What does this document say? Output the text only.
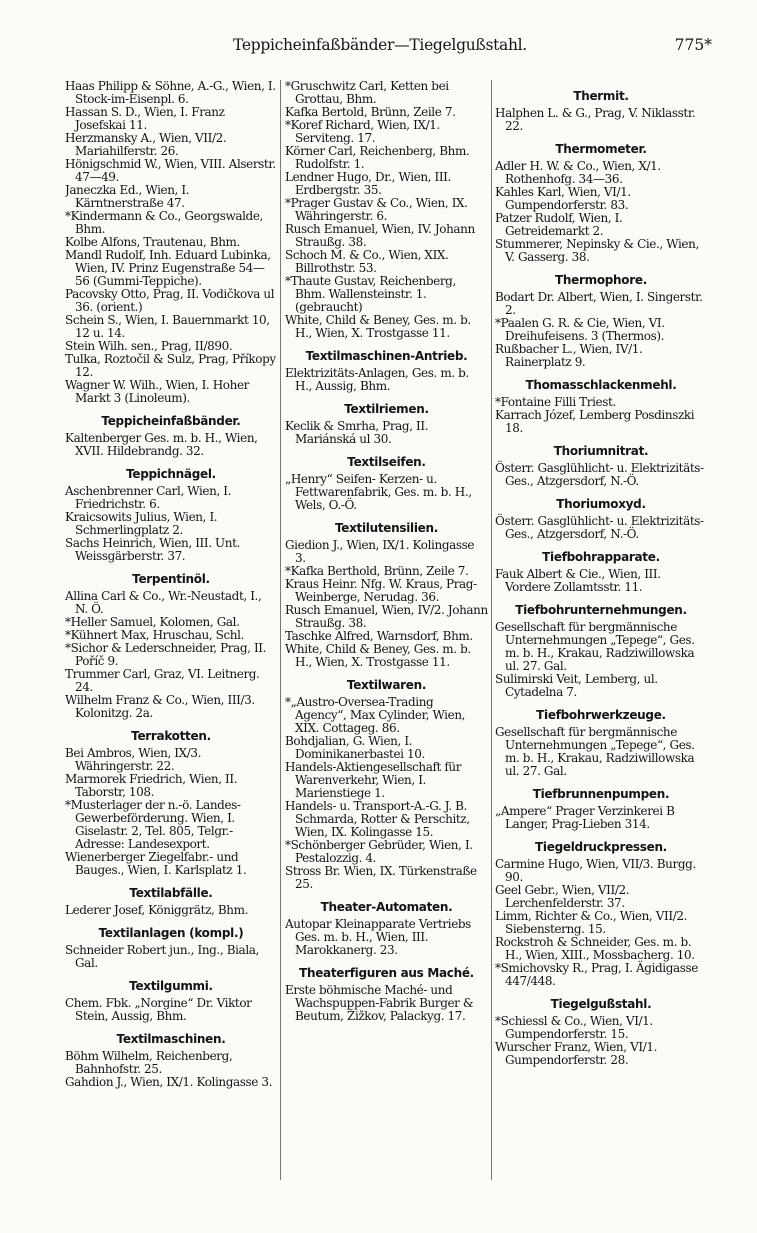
Teppicheinfaßbänder—Tiegelgußstahl.	775*

Haas Philipp & Söhne, A.-G., Wien, I. Stock-im-Eisenpl. 6.

Hassan S. D., Wien, I. Franz Josefskai 11.

Herzmansky A., Wien, VII/2. Mariahilferstr. 26.

Hönigschmid W., Wien, VIII. Alserstr. 47—49.

Janeczka Ed., Wien, I. Kärntnerstraße 47.

*Kindermann & Co., Georgswalde, Bhm.

Kolbe Alfons, Trautenau, Bhm.

Mandl Rudolf, Inh. Eduard Lubinka, Wien, IV. Prinz Eugenstraße 54—56 (Gummi-Teppiche).

Pacovsky Otto, Prag, II. Vodičkova ul 36. (orient.)

Schein S., Wien, I. Bauernmarkt 10, 12 u. 14.

Stein Wilh. sen., Prag, II/890.

Tulka, Roztočil & Sulz, Prag, Příkopy 12.

Wagner W. Wilh., Wien, I. Hoher Markt 3 (Linoleum).

Teppicheinfaßbänder.

Kaltenberger Ges. m. b. H., Wien, XVII. Hildebrandg. 32.

Teppichnägel.

Aschenbrenner Carl, Wien, I. Friedrichstr. 6.

Kraicsowits Julius, Wien, I. Schmerlingplatz 2.

Sachs Heinrich, Wien, III. Unt. Weissgärberstr. 37.

Terpentinöl.

Allina Carl & Co., Wr.-Neustadt, I., N. Ö.

*Heller Samuel, Kolomen, Gal.

*Kühnert Max, Hruschau, Schl.

*Sichor & Lederschneider, Prag, II. Poříč 9.

Trummer Carl, Graz, VI. Leitnerg. 24.

Wilhelm Franz & Co., Wien, III/3. Kolonitzg. 2a.

Terrakotten.

Bei Ambros, Wien, IX/3. Währingerstr. 22.

Marmorek Friedrich, Wien, II. Taborstr, 108.

*Musterlager der n.-ö. Landes-Gewerbeförderung. Wien, I. Giselastr. 2, Tel. 805, Telgr.-Adresse: Landesexport.

Wienerberger Ziegelfabr.- und Bauges., Wien, I. Karlsplatz 1.

Textilabfälle.

Lederer Josef, Königgrätz, Bhm.

Textilanlagen (kompl.)

Schneider Robert jun., Ing., Biala, Gal.

Textilgummi.

Chem. Fbk. „Norgine“ Dr. Viktor Stein, Aussig, Bhm.

Textilmaschinen.

Böhm Wilhelm, Reichenberg, Bahnhofstr. 25.

Gahdion J., Wien, IX/1. Kolingasse 3.

*Gruschwitz Carl, Ketten bei Grottau, Bhm.

Kafka Bertold, Brünn, Zeile 7.

*Koref Richard, Wien, IX/1. Serviteng. 17.

Körner Carl, Reichenberg, Bhm. Rudolfstr. 1.

Lendner Hugo, Dr., Wien, III. Erdbergstr. 35.

*Prager Gustav & Co., Wien, IX. Währingerstr. 6.

Rusch Emanuel, Wien, IV. Johann Straußg. 38.

Schoch M. & Co., Wien, XIX. Billrothstr. 53.

*Thaute Gustav, Reichenberg, Bhm. Wallensteinstr. 1. (gebraucht)

White, Child & Beney, Ges. m. b. H., Wien, X. Trostgasse 11.

Textilmaschinen-Antrieb.

Elektrizitäts-Anlagen, Ges. m. b. H., Aussig, Bhm.

Textilriemen.

Keclik & Smrha, Prag, II. Mariánská ul 30.

Textilseifen.

„Henry“ Seifen- Kerzen- u. Fettwarenfabrik, Ges. m. b. H., Wels, O.-Ö.

Textilutensilien.

Giedion J., Wien, IX/1. Kolingasse 3.

*Kafka Berthold, Brünn, Zeile 7.

Kraus Heinr. Nfg. W. Kraus, Prag-Weinberge, Nerudag. 36.

Rusch Emanuel, Wien, IV/2. Johann Straußg. 38.

Taschke Alfred, Warnsdorf, Bhm.

White, Child & Beney, Ges. m. b. H., Wien, X. Trostgasse 11.

Textilwaren.

*„Austro-Oversea-Trading Agency“, Max Cylinder, Wien, XIX. Cottageg. 86.

Bohdjalian, G. Wien, I. Dominikanerbastei 10.

Handels-Aktiengesellschaft für Warenverkehr, Wien, I. Marienstiege 1.

Handels- u. Transport-A.-G. J. B. Schmarda, Rotter & Perschitz, Wien, IX. Kolingasse 15.

*Schönberger Gebrüder, Wien, I. Pestalozzig. 4.

Stross Br. Wien, IX. Türkenstraße 25.

Theater-Automaten.

Autopar Kleinapparate Vertriebs Ges. m. b. H., Wien, III. Marokkanerg. 23.

Theaterfiguren aus Maché.

Erste böhmische Maché- und Wachspuppen-Fabrik Burger & Beutum, Žižkov, Palackyg. 17.

Thermit.

Halphen L. & G., Prag, V. Niklasstr. 22.

Thermometer.

Adler H. W. & Co., Wien, X/1. Rothenhofg. 34—36.

Kahles Karl, Wien, VI/1. Gumpendorferstr. 83.

Patzer Rudolf, Wien, I. Getreidemarkt 2.

Stummerer, Nepinsky & Cie., Wien, V. Gasserg. 38.

Thermophore.

Bodart Dr. Albert, Wien, I. Singerstr. 2.

*Paalen G. R. & Cie, Wien, VI. Dreihufeisens. 3 (Thermos).

Rußbacher L., Wien, IV/1. Rainerplatz 9.

Thomasschlackenmehl.

*Fontaine Filli Triest.

Karrach Józef, Lemberg Posdinszki 18.

Thoriumnitrat.

Österr. Gasglühlicht- u. Elektrizitäts-Ges., Atzgersdorf, N.-Ö.

Thoriumoxyd.

Österr. Gasglühlicht- u. Elektrizitäts-Ges., Atzgersdorf, N.-Ö.

Tiefbohrapparate.

Fauk Albert & Cie., Wien, III. Vordere Zollamtsstr. 11.

Tiefbohrunternehmungen.

Gesellschaft für bergmännische Unternehmungen „Tepege“, Ges. m. b. H., Krakau, Radziwillowska ul. 27. Gal.

Sulimirski Veit, Lemberg, ul. Cytadelna 7.

Tiefbohrwerkzeuge.

Gesellschaft für bergmännische Unternehmungen „Tepege“, Ges. m. b. H., Krakau, Radziwillowska ul. 27. Gal.

Tiefbrunnenpumpen.

„Ampere“ Prager Verzinkerei B Langer, Prag-Lieben 314.

Tiegeldruckpressen.

Carmine Hugo, Wien, VII/3. Burgg. 90.

Geel Gebr., Wien, VII/2. Lerchenfelderstr. 37.

Limm, Richter & Co., Wien, VII/2. Siebensterng. 15.

Rockstroh & Schneider, Ges. m. b. H., Wien, XIII., Mossbacherg. 10.

*Smichovsky R., Prag, I. Ägidigasse 447/448.

Tiegelgußstahl.

*Schiessl & Co., Wien, VI/1. Gumpendorferstr. 15.

Wurscher Franz, Wien, VI/1. Gumpendorferstr. 28.
